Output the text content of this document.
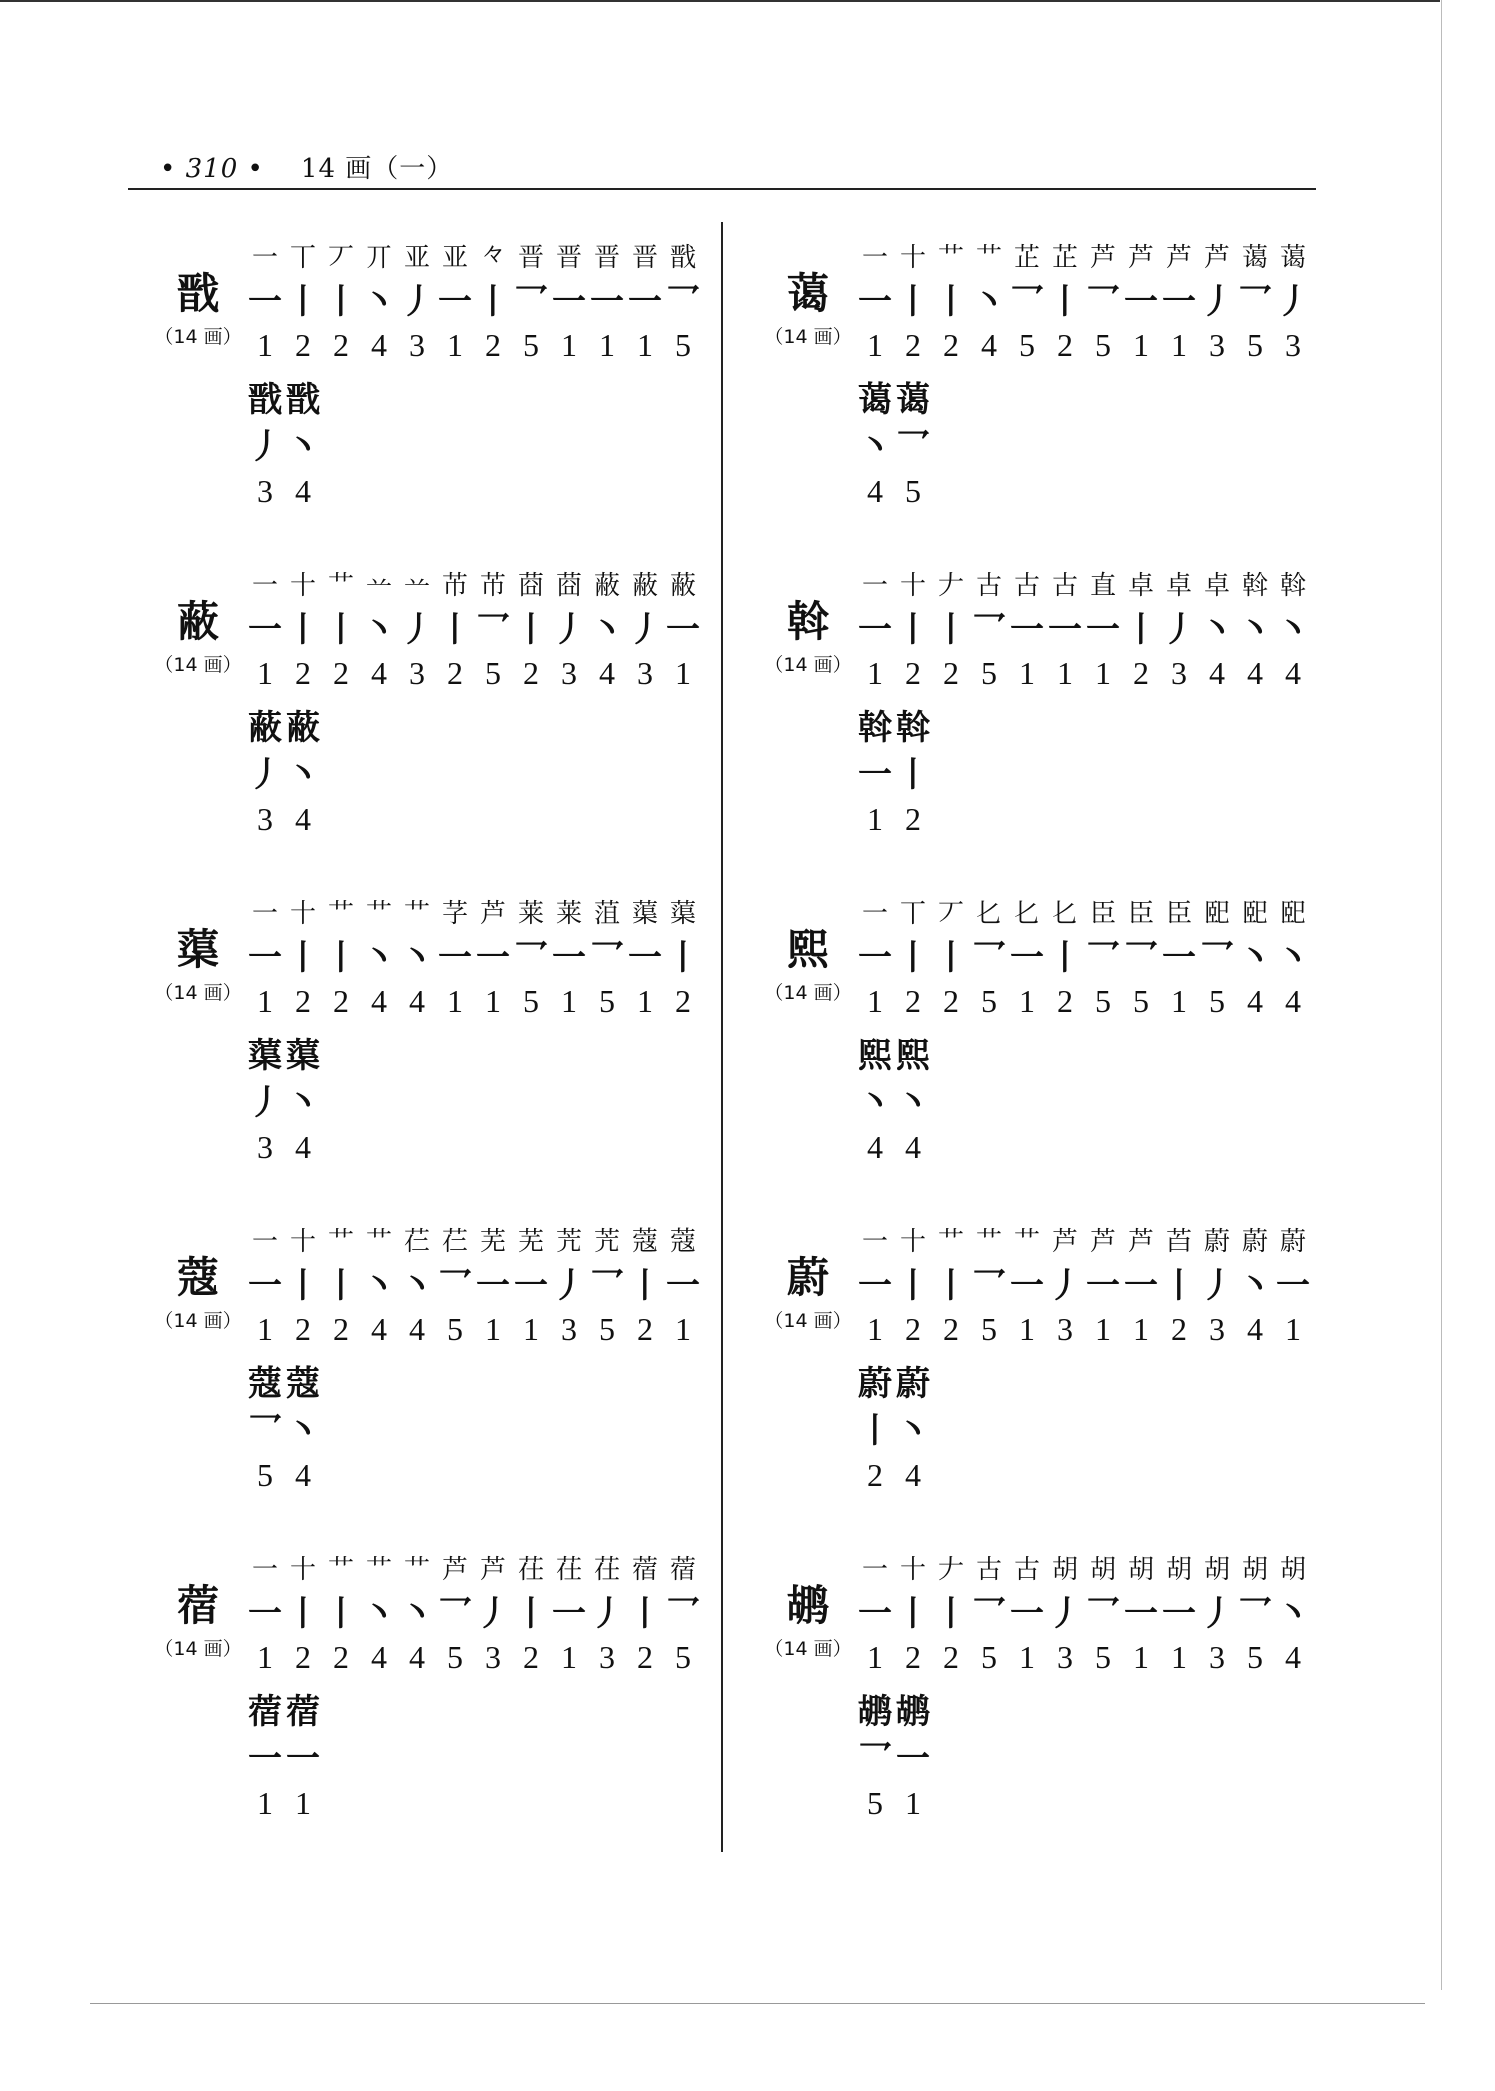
• 310 •    14 画（一）
戬
（14 画）
一 丅 丆 丌 亚 亚 𠚤 晋 晋 晋 晋 戬
一 丨 丨 丶 丿 一 丨 乛 一 一 一 乛
1 2 2 4 3 1 2 5 1 1 1 5
戬 戬
丿 丶
3 4
蔽
（14 画）
一 十 艹 䒑 䒑 芇 芇 莔 莔 蔽 蔽 蔽
一 丨 丨 丶 丿 丨 乛 丨 丿 丶 丿 一
1 2 2 4 3 2 5 2 3 4 3 1
蔽 蔽
丿 丶
3 4
蕖
（14 画）
一 十 艹 艹 艹 芓 芦 莱 莱 菹 蕖 蕖
一 丨 丨 丶 丶 一 一 乛 一 乛 一 丨
1 2 2 4 4 1 1 5 1 5 1 2
蕖 蕖
丿 丶
3 4
蔻
（14 画）
一 十 艹 艹 芢 芢 芜 芜 苀 苀 蔻 蔻
一 丨 丨 丶 丶 乛 一 一 丿 乛 丨 一
1 2 2 4 4 5 1 1 3 5 2 1
蔻 蔻
乛 丶
5 4
蓿
（14 画）
一 十 艹 艹 艹 芦 芦 茌 茌 茌 蓿 蓿
一 丨 丨 丶 丶 乛 丿 丨 一 丿 丨 乛
1 2 2 4 4 5 3 2 1 3 2 5
蓿 蓿
一 一
1 1
蔼
（14 画）
一 十 艹 艹 芷 芷 芦 芦 芦 芦 蔼 蔼
一 丨 丨 丶 乛 丨 乛 一 一 丿 乛 丿
1 2 2 4 5 2 5 1 1 3 5 3
蔼 蔼
丶 乛
4 5
斡
（14 画）
一 十 𠂇 古 古 古 直 卓 卓 卓 斡 斡
一 丨 丨 乛 一 一 一 丨 丿 丶 丶 丶
1 2 2 5 1 1 1 2 3 4 4 4
斡 斡
一 丨
1 2
熙
（14 画）
一 丅 丆 𠤎 𠤎 𠤎 臣 臣 臣 巸 巸 巸
一 丨 丨 乛 一 丨 乛 乛 一 乛 丶 丶
1 2 2 5 1 2 5 5 1 5 4 4
熙 熙
丶 丶
4 4
蔚
（14 画）
一 十 艹 艹 艹 芦 芦 芦 苩 蔚 蔚 蔚
一 丨 丨 乛 一 丿 一 一 丨 丿 丶 一
1 2 2 5 1 3 1 1 2 3 4 1
蔚 蔚
丨 丶
2 4
鹕
（14 画）
一 十 𠂇 古 古 胡 胡 胡 胡 胡 胡 胡
一 丨 丨 乛 一 丿 乛 一 一 丿 乛 丶
1 2 2 5 1 3 5 1 1 3 5 4
鹕 鹕
乛 一
5 1
